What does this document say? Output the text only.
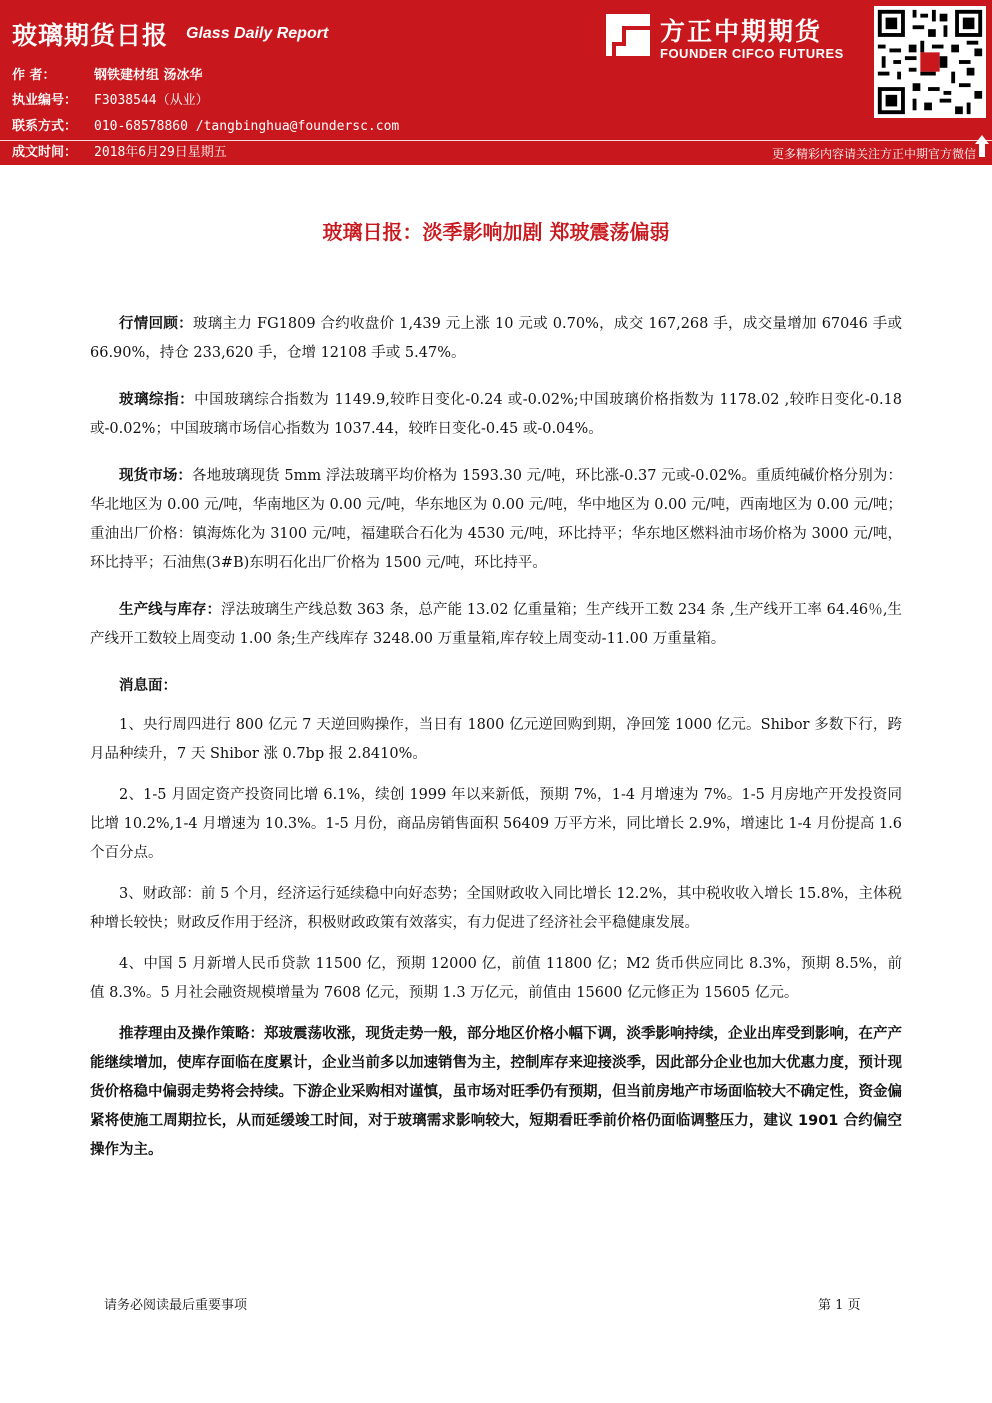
玻璃期货日报 Glass Daily Report
作 者：	钢铁建材组 汤冰华
执业编号： F3038544（从业）
联系方式： 010-68578860 /tangbinghua@foundersc.com
成文时间： 2018年6月29日星期五
方正中期期货
FOUNDER CIFCO FUTURES
更多精彩内容请关注方正中期官方微信
玻璃日报：淡季影响加剧 郑玻震荡偏弱

行情回顾：玻璃主力 FG1809 合约收盘价 1,439 元上涨 10 元或 0.70%，成交 167,268 手，成交量增加 67046 手或 66.90%，持仓 233,620 手，仓增 12108 手或 5.47%。

玻璃综指：中国玻璃综合指数为 1149.9,较昨日变化-0.24 或-0.02%;中国玻璃价格指数为 1178.02 ,较昨日变化-0.18 或-0.02%；中国玻璃市场信心指数为 1037.44，较昨日变化-0.45 或-0.04%。

现货市场：各地玻璃现货 5mm 浮法玻璃平均价格为 1593.30 元/吨，环比涨-0.37 元或-0.02%。重质纯碱价格分别为：华北地区为 0.00 元/吨，华南地区为 0.00 元/吨，华东地区为 0.00 元/吨，华中地区为 0.00 元/吨，西南地区为 0.00 元/吨；重油出厂价格：镇海炼化为 3100 元/吨，福建联合石化为 4530 元/吨，环比持平；华东地区燃料油市场价格为 3000 元/吨，环比持平；石油焦(3#B)东明石化出厂价格为 1500 元/吨，环比持平。

生产线与库存：浮法玻璃生产线总数 363 条，总产能 13.02 亿重量箱；生产线开工数 234 条 ,生产线开工率 64.46％,生产线开工数较上周变动 1.00 条;生产线库存 3248.00 万重量箱,库存较上周变动-11.00 万重量箱。

消息面：

1、央行周四进行 800 亿元 7 天逆回购操作，当日有 1800 亿元逆回购到期，净回笼 1000 亿元。Shibor 多数下行，跨月品种续升，7 天 Shibor 涨 0.7bp 报 2.8410%。

2、1-5 月固定资产投资同比增 6.1%，续创 1999 年以来新低，预期 7%，1-4 月增速为 7%。1-5 月房地产开发投资同比增 10.2%,1-4 月增速为 10.3%。1-5 月份，商品房销售面积 56409 万平方米，同比增长 2.9%，增速比 1-4 月份提高 1.6 个百分点。

3、财政部：前 5 个月，经济运行延续稳中向好态势；全国财政收入同比增长 12.2%，其中税收收入增长 15.8%，主体税种增长较快；财政反作用于经济，积极财政政策有效落实，有力促进了经济社会平稳健康发展。

4、中国 5 月新增人民币贷款 11500 亿，预期 12000 亿，前值 11800 亿；M2 货币供应同比 8.3%，预期 8.5%，前值 8.3%。5 月社会融资规模增量为 7608 亿元，预期 1.3 万亿元，前值由 15600 亿元修正为 15605 亿元。

推荐理由及操作策略：郑玻震荡收涨，现货走势一般，部分地区价格小幅下调，淡季影响持续，企业出库受到影响，在产产能继续增加，使库存面临在度累计，企业当前多以加速销售为主，控制库存来迎接淡季，因此部分企业也加大优惠力度，预计现货价格稳中偏弱走势将会持续。下游企业采购相对谨慎，虽市场对旺季仍有预期，但当前房地产市场面临较大不确定性，资金偏紧将使施工周期拉长，从而延缓竣工时间，对于玻璃需求影响较大，短期看旺季前价格仍面临调整压力，建议 1901 合约偏空操作为主。

请务必阅读最后重要事项	第 1 页
